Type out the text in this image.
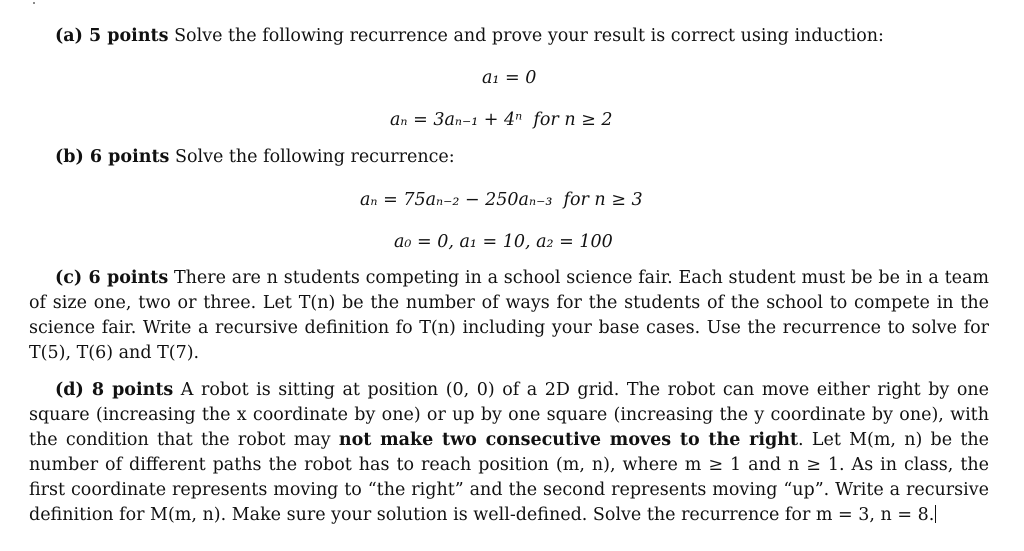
(a) 5 points Solve the following recurrence and prove your result is correct using induction:
a₁ = 0
aₙ = 3aₙ₋₁ + 4ⁿ for n ≥ 2
(b) 6 points Solve the following recurrence:
aₙ = 75aₙ₋₂ − 250aₙ₋₃ for n ≥ 3
a₀ = 0, a₁ = 10, a₂ = 100
(c) 6 points There are n students competing in a school science fair. Each student must be be in a team of size one, two or three. Let T(n) be the number of ways for the students of the school to compete in the science fair. Write a recursive definition fo T(n) including your base cases. Use the recurrence to solve for T(5), T(6) and T(7).
(d) 8 points A robot is sitting at position (0, 0) of a 2D grid. The robot can move either right by one square (increasing the x coordinate by one) or up by one square (increasing the y coordinate by one), with the condition that the robot may not make two consecutive moves to the right. Let M(m, n) be the number of different paths the robot has to reach position (m, n), where m ≥ 1 and n ≥ 1. As in class, the first coordinate represents moving to “the right” and the second represents moving “up”. Write a recursive definition for M(m, n). Make sure your solution is well-defined. Solve the recurrence for m = 3, n = 8.
